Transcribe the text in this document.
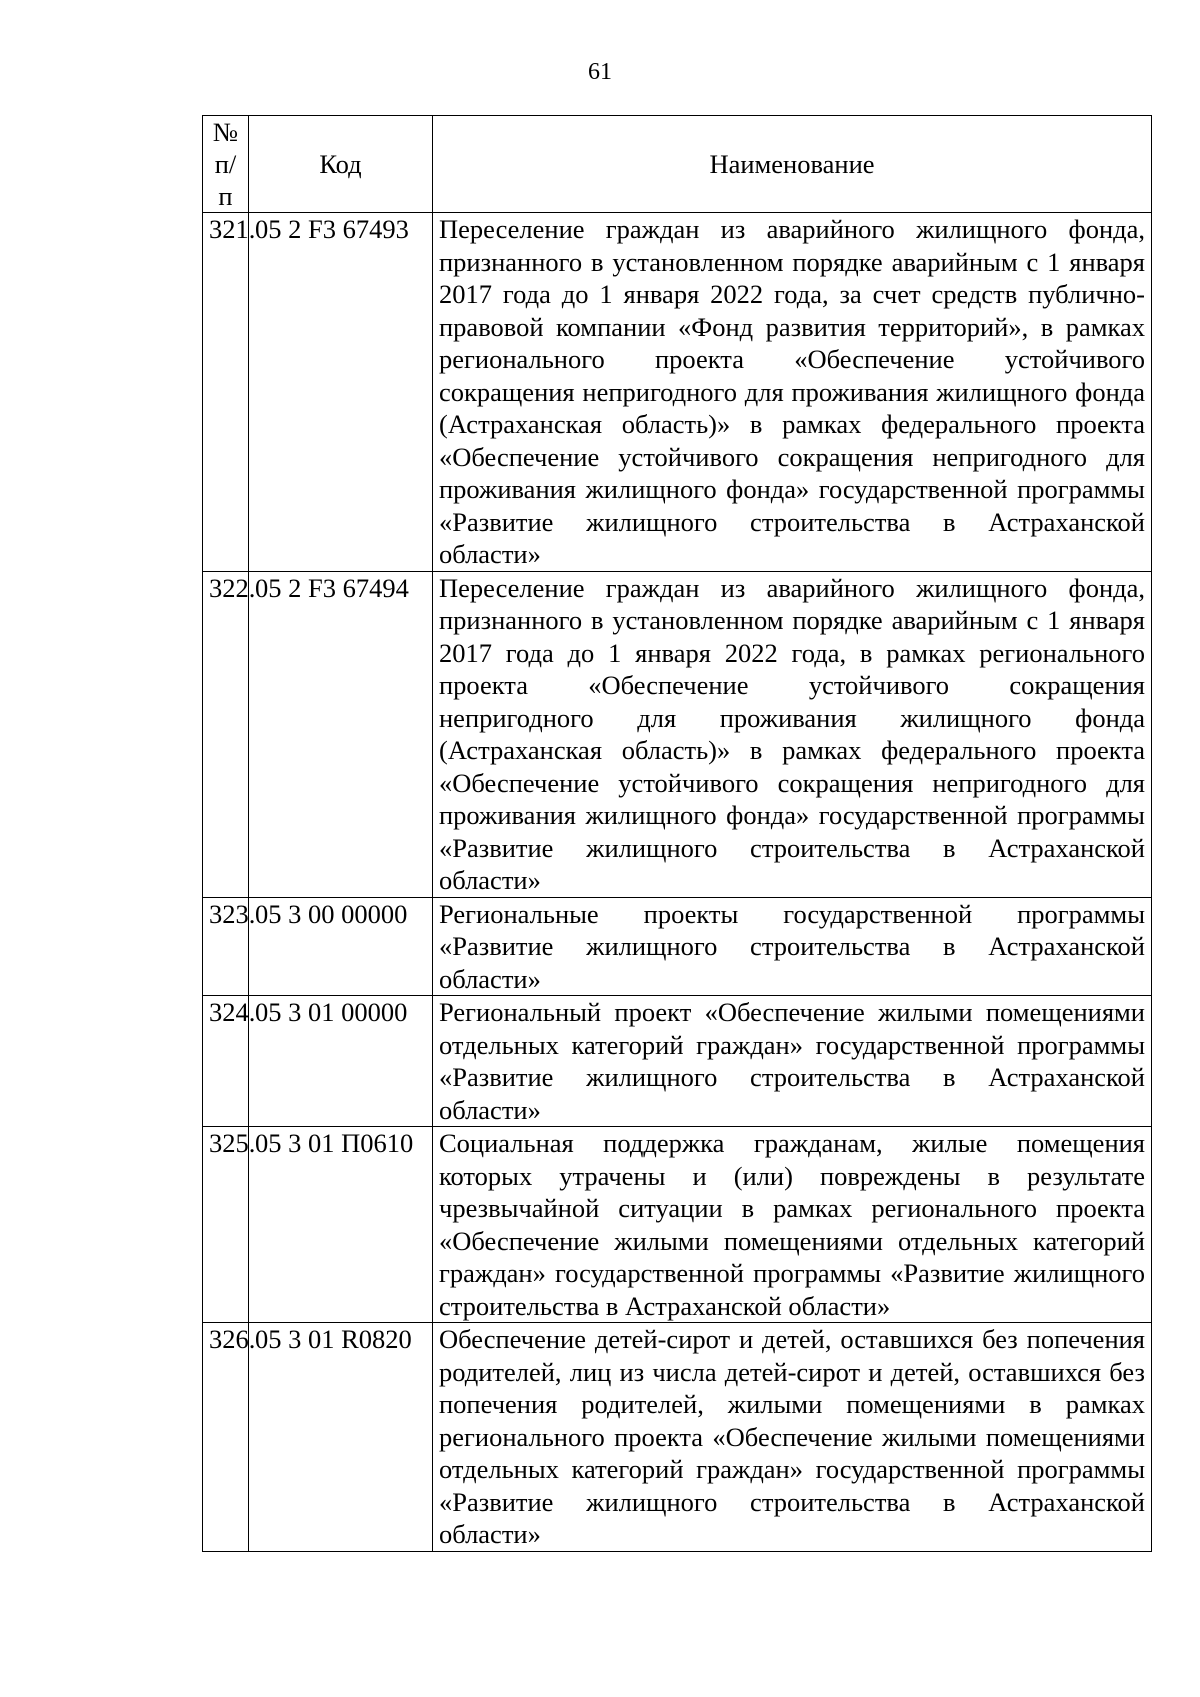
61
№
п/п	Код	Наименование
321.	05 2 F3 67493	Переселение граждан из аварийного жилищного фонда, признанного в установленном порядке аварийным с 1 января 2017 года до 1 января 2022 года, за счет средств публично-правовой компании «Фонд развития территорий», в рамках регионального проекта «Обеспечение устойчивого сокращения непригодного для проживания жилищного фонда (Астраханская область)» в рамках федерального проекта «Обеспечение устойчивого сокращения непригодного для проживания жилищного фонда» государственной программы «Развитие жилищного строительства в Астраханской области»
322.	05 2 F3 67494	Переселение граждан из аварийного жилищного фонда, признанного в установленном порядке аварийным с 1 января 2017 года до 1 января 2022 года, в рамках регионального проекта «Обеспечение устойчивого сокращения непригодного для проживания жилищного фонда (Астраханская область)» в рамках федерального проекта «Обеспечение устойчивого сокращения непригодного для проживания жилищного фонда» государственной программы «Развитие жилищного строительства в Астраханской области»
323.	05 3 00 00000	Региональные проекты государственной программы «Развитие жилищного строительства в Астраханской области»
324.	05 3 01 00000	Региональный проект «Обеспечение жилыми помещениями отдельных категорий граждан» государственной программы «Развитие жилищного строительства в Астраханской области»
325.	05 3 01 П0610	Социальная поддержка гражданам, жилые помещения которых утрачены и (или) повреждены в результате чрезвычайной ситуации в рамках регионального проекта «Обеспечение жилыми помещениями отдельных категорий граждан» государственной программы «Развитие жилищного строительства в Астраханской области»
326.	05 3 01 R0820	Обеспечение детей-сирот и детей, оставшихся без попечения родителей, лиц из числа детей-сирот и детей, оставшихся без попечения родителей, жилыми помещениями в рамках регионального проекта «Обеспечение жилыми помещениями отдельных категорий граждан» государственной программы «Развитие жилищного строительства в Астраханской области»
